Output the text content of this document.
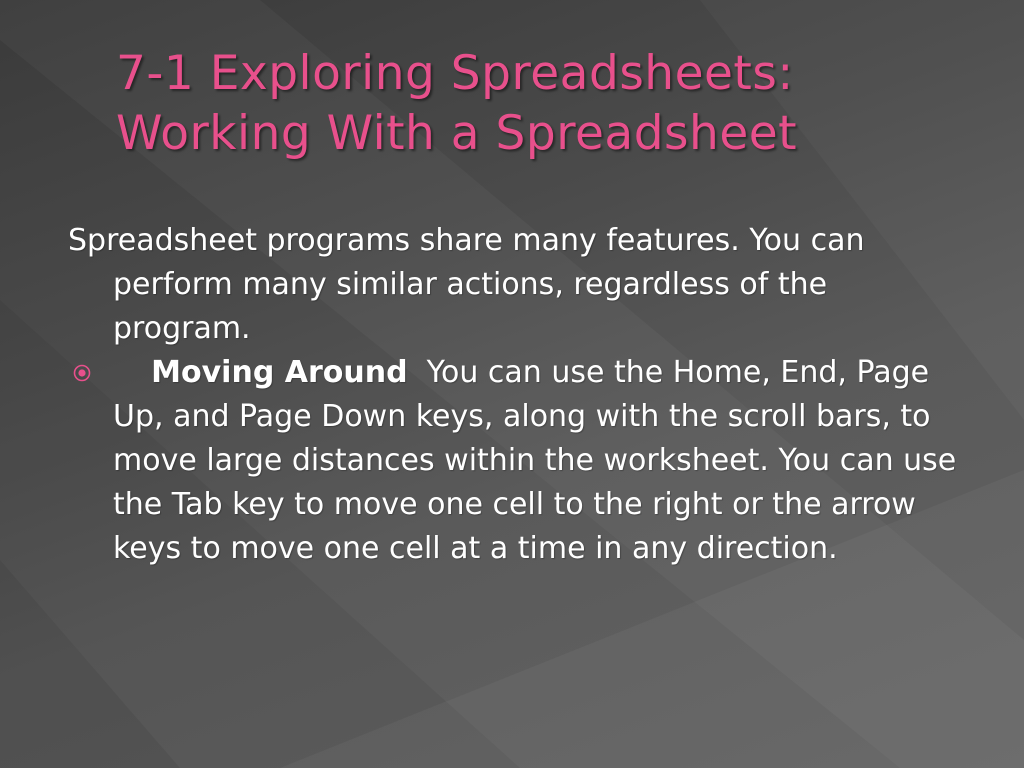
7-1 Exploring Spreadsheets:
Working With a Spreadsheet

Spreadsheet programs share many features. You can perform many similar actions, regardless of the program.

Moving Around You can use the Home, End, Page Up, and Page Down keys, along with the scroll bars, to move large distances within the worksheet. You can use the Tab key to move one cell to the right or the arrow keys to move one cell at a time in any direction.
